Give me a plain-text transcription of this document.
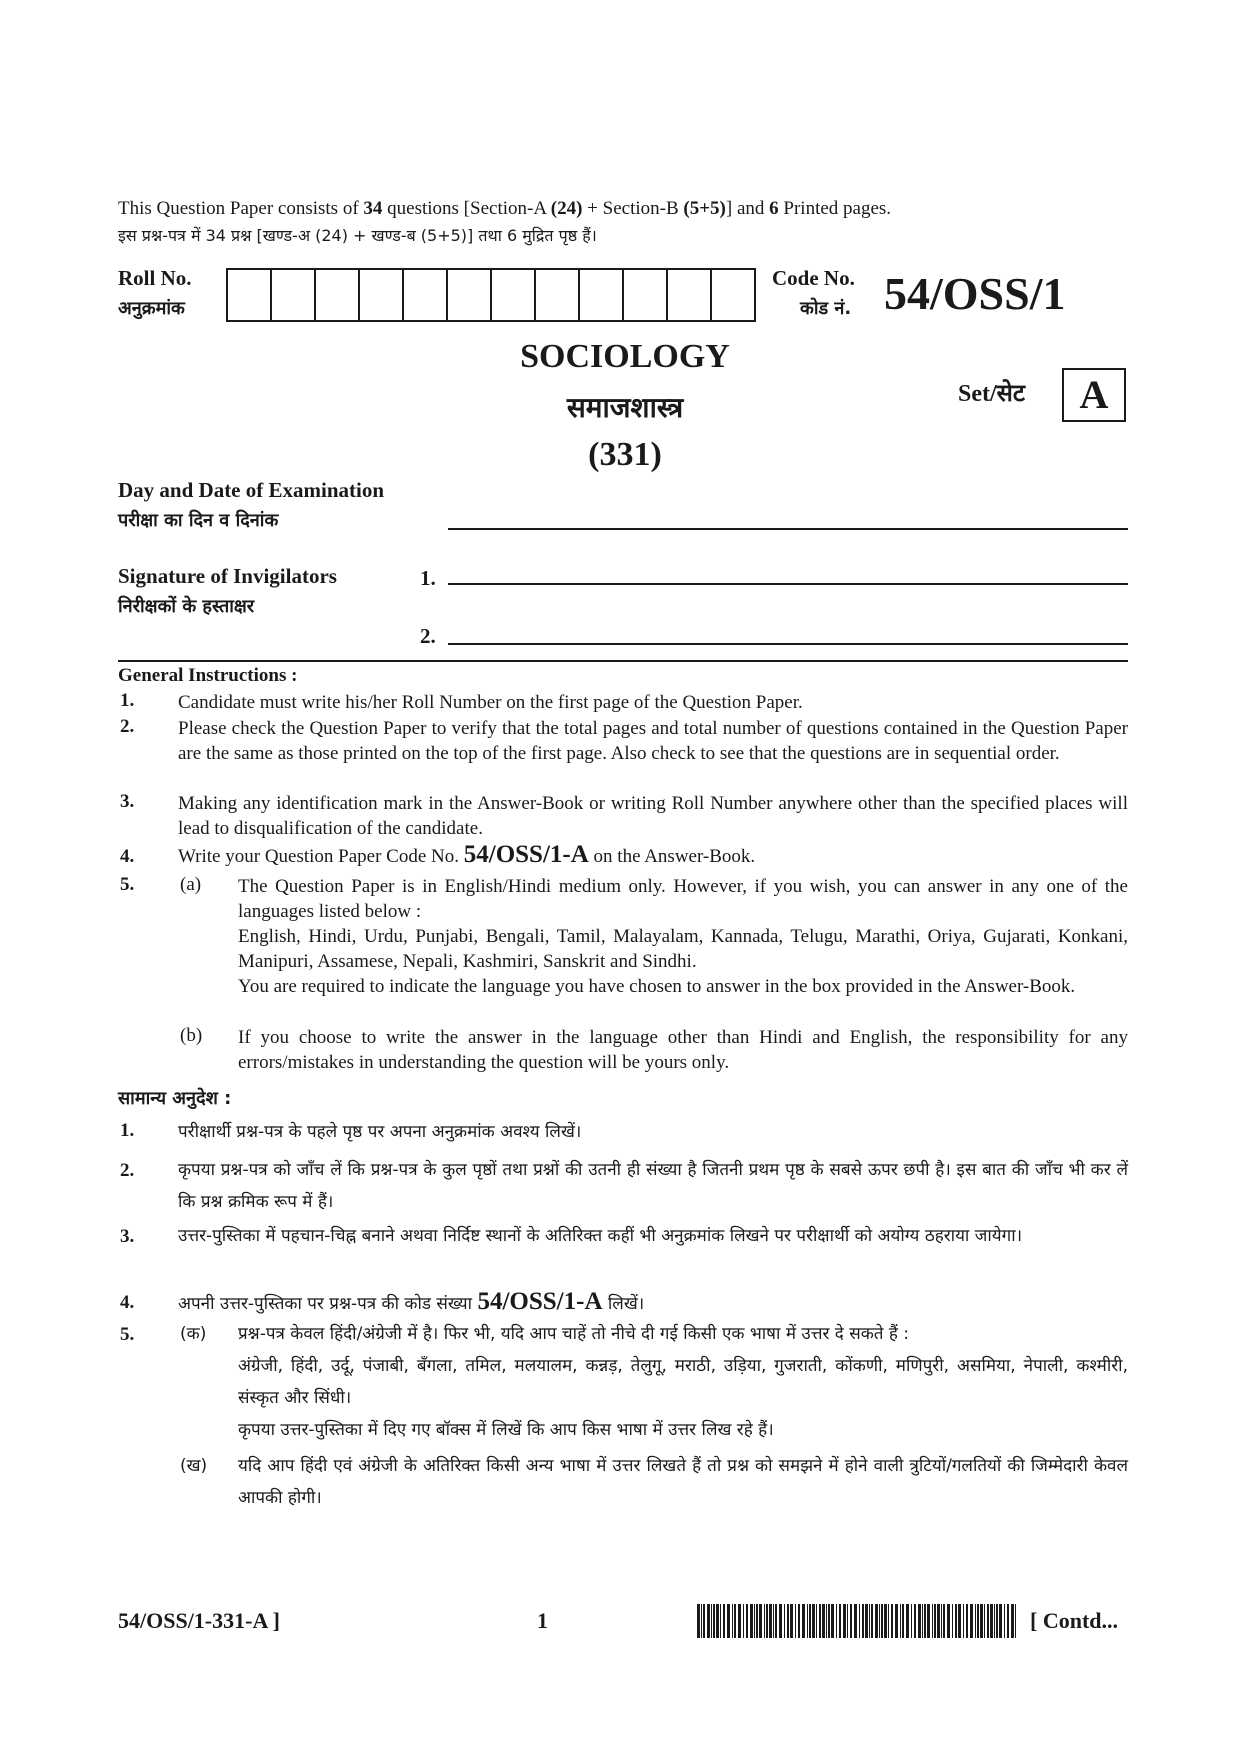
This Question Paper consists of 34 questions [Section-A (24) + Section-B (5+5)] and 6 Printed pages.
इस प्रश्न-पत्र में 34 प्रश्न [खण्ड-अ (24) + खण्ड-ब (5+5)] तथा 6 मुद्रित पृष्ठ हैं।
Roll No.
अनुक्रमांक
Code No.
कोड नं. 54/OSS/1
SOCIOLOGY
समाजशास्त्र
(331)
Set/सेट	A
Day and Date of Examination
परीक्षा का दिन व दिनांक
Signature of Invigilators
निरीक्षकों के हस्ताक्षर
1.
2.
General Instructions :
1. Candidate must write his/her Roll Number on the first page of the Question Paper.
2. Please check the Question Paper to verify that the total pages and total number of questions contained in the Question Paper are the same as those printed on the top of the first page. Also check to see that the questions are in sequential order.
3. Making any identification mark in the Answer-Book or writing Roll Number anywhere other than the specified places will lead to disqualification of the candidate.
4. Write your Question Paper Code No. 54/OSS/1-A on the Answer-Book.
5. (a) The Question Paper is in English/Hindi medium only. However, if you wish, you can answer in any one of the languages listed below :
English, Hindi, Urdu, Punjabi, Bengali, Tamil, Malayalam, Kannada, Telugu, Marathi, Oriya, Gujarati, Konkani, Manipuri, Assamese, Nepali, Kashmiri, Sanskrit and Sindhi.
You are required to indicate the language you have chosen to answer in the box provided in the Answer-Book.
(b) If you choose to write the answer in the language other than Hindi and English, the responsibility for any errors/mistakes in understanding the question will be yours only.
सामान्य अनुदेश :
1.	परीक्षार्थी प्रश्न-पत्र के पहले पृष्ठ पर अपना अनुक्रमांक अवश्य लिखें।
2.	कृपया प्रश्न-पत्र को जाँच लें कि प्रश्न-पत्र के कुल पृष्ठों तथा प्रश्नों की उतनी ही संख्या है जितनी प्रथम पृष्ठ के सबसे ऊपर छपी है। इस बात की जाँच भी कर लें कि प्रश्न क्रमिक रूप में हैं।
3.	उत्तर-पुस्तिका में पहचान-चिह्न बनाने अथवा निर्दिष्ट स्थानों के अतिरिक्त कहीं भी अनुक्रमांक लिखने पर परीक्षार्थी को अयोग्य ठहराया जायेगा।
4.	अपनी उत्तर-पुस्तिका पर प्रश्न-पत्र की कोड संख्या 54/OSS/1-A लिखें।
5.	(क) प्रश्न-पत्र केवल हिंदी/अंग्रेजी में है। फिर भी, यदि आप चाहें तो नीचे दी गई किसी एक भाषा में उत्तर दे सकते हैं :
अंग्रेजी, हिंदी, उर्दू, पंजाबी, बँगला, तमिल, मलयालम, कन्नड़, तेलुगू, मराठी, उड़िया, गुजराती, कोंकणी, मणिपुरी, असमिया, नेपाली, कश्मीरी, संस्कृत और सिंधी।
कृपया उत्तर-पुस्तिका में दिए गए बॉक्स में लिखें कि आप किस भाषा में उत्तर लिख रहे हैं।
(ख) यदि आप हिंदी एवं अंग्रेजी के अतिरिक्त किसी अन्य भाषा में उत्तर लिखते हैं तो प्रश्न को समझने में होने वाली त्रुटियों/गलतियों की जिम्मेदारी केवल आपकी होगी।
54/OSS/1-331-A ]	1	[ Contd...
